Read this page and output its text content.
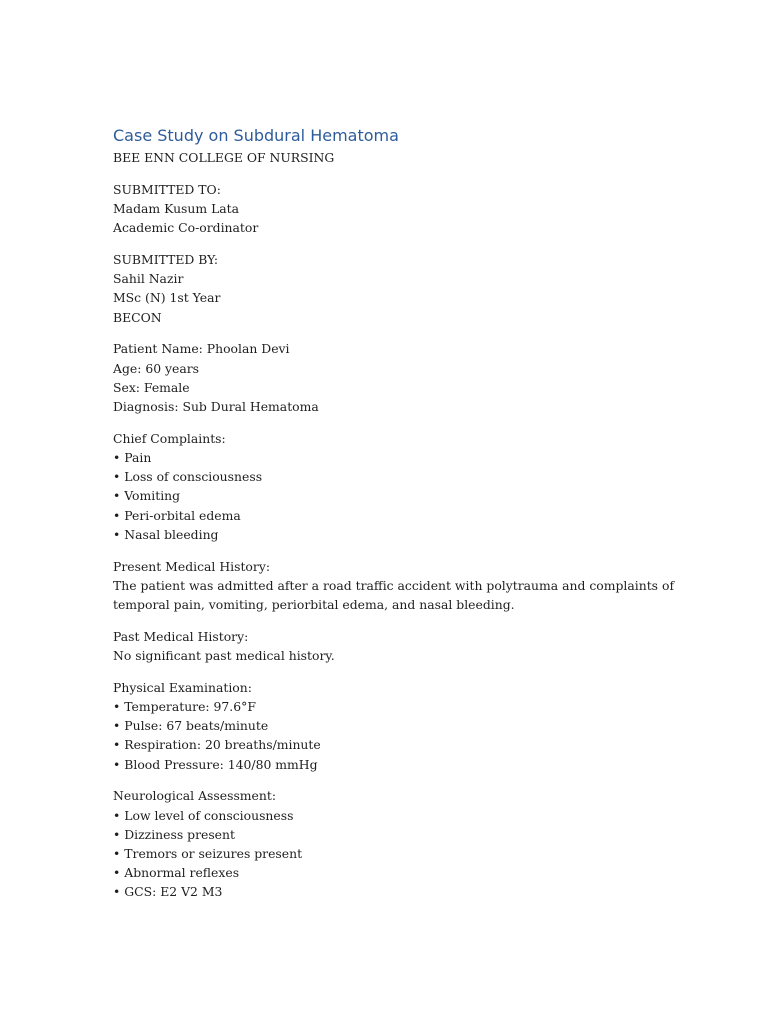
Case Study on Subdural Hematoma
BEE ENN COLLEGE OF NURSING
SUBMITTED TO:
Madam Kusum Lata
Academic Co-ordinator
SUBMITTED BY:
Sahil Nazir
MSc (N) 1st Year
BECON
Patient Name: Phoolan Devi
Age: 60 years
Sex: Female
Diagnosis: Sub Dural Hematoma
Chief Complaints:
• Pain
• Loss of consciousness
• Vomiting
• Peri-orbital edema
• Nasal bleeding
Present Medical History:
The patient was admitted after a road traffic accident with polytrauma and complaints of
temporal pain, vomiting, periorbital edema, and nasal bleeding.
Past Medical History:
No significant past medical history.
Physical Examination:
• Temperature: 97.6°F
• Pulse: 67 beats/minute
• Respiration: 20 breaths/minute
• Blood Pressure: 140/80 mmHg
Neurological Assessment:
• Low level of consciousness
• Dizziness present
• Tremors or seizures present
• Abnormal reflexes
• GCS: E2 V2 M3
